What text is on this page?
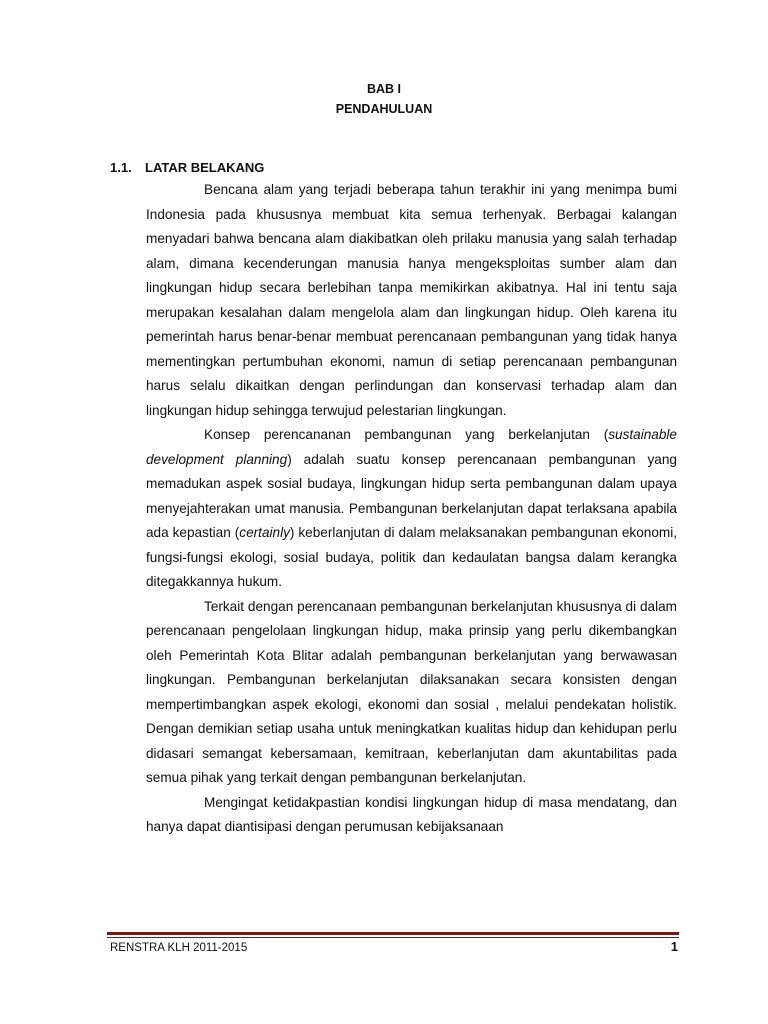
BAB I
PENDAHULUAN
1.1. LATAR BELAKANG

Bencana alam yang terjadi beberapa tahun terakhir ini yang menimpa bumi Indonesia pada khususnya membuat kita semua terhenyak. Berbagai kalangan menyadari bahwa bencana alam diakibatkan oleh prilaku manusia yang salah terhadap alam, dimana kecenderungan manusia hanya mengeksploitas sumber alam dan lingkungan hidup secara berlebihan tanpa memikirkan akibatnya. Hal ini tentu saja merupakan kesalahan dalam mengelola alam dan lingkungan hidup. Oleh karena itu pemerintah harus benar-benar membuat perencanaan pembangunan yang tidak hanya mementingkan pertumbuhan ekonomi, namun di setiap perencanaan pembangunan harus selalu dikaitkan dengan perlindungan dan konservasi terhadap alam dan lingkungan hidup sehingga terwujud pelestarian lingkungan.

Konsep perencananan pembangunan yang berkelanjutan (sustainable development planning) adalah suatu konsep perencanaan pembangunan yang memadukan aspek sosial budaya, lingkungan hidup serta pembangunan dalam upaya menyejahterakan umat manusia. Pembangunan berkelanjutan dapat terlaksana apabila ada kepastian (certainly) keberlanjutan di dalam melaksanakan pembangunan ekonomi, fungsi-fungsi ekologi, sosial budaya, politik dan kedaulatan bangsa dalam kerangka ditegakkannya hukum.

Terkait dengan perencanaan pembangunan berkelanjutan khususnya di dalam perencanaan pengelolaan lingkungan hidup, maka prinsip yang perlu dikembangkan oleh Pemerintah Kota Blitar adalah pembangunan berkelanjutan yang berwawasan lingkungan. Pembangunan berkelanjutan dilaksanakan secara konsisten dengan mempertimbangkan aspek ekologi, ekonomi dan sosial , melalui pendekatan holistik. Dengan demikian setiap usaha untuk meningkatkan kualitas hidup dan kehidupan perlu didasari semangat kebersamaan, kemitraan, keberlanjutan dam akuntabilitas pada semua pihak yang terkait dengan pembangunan berkelanjutan.

Mengingat ketidakpastian kondisi lingkungan hidup di masa mendatang, dan hanya dapat diantisipasi dengan perumusan kebijaksanaan

RENSTRA KLH 2011-2015	1
